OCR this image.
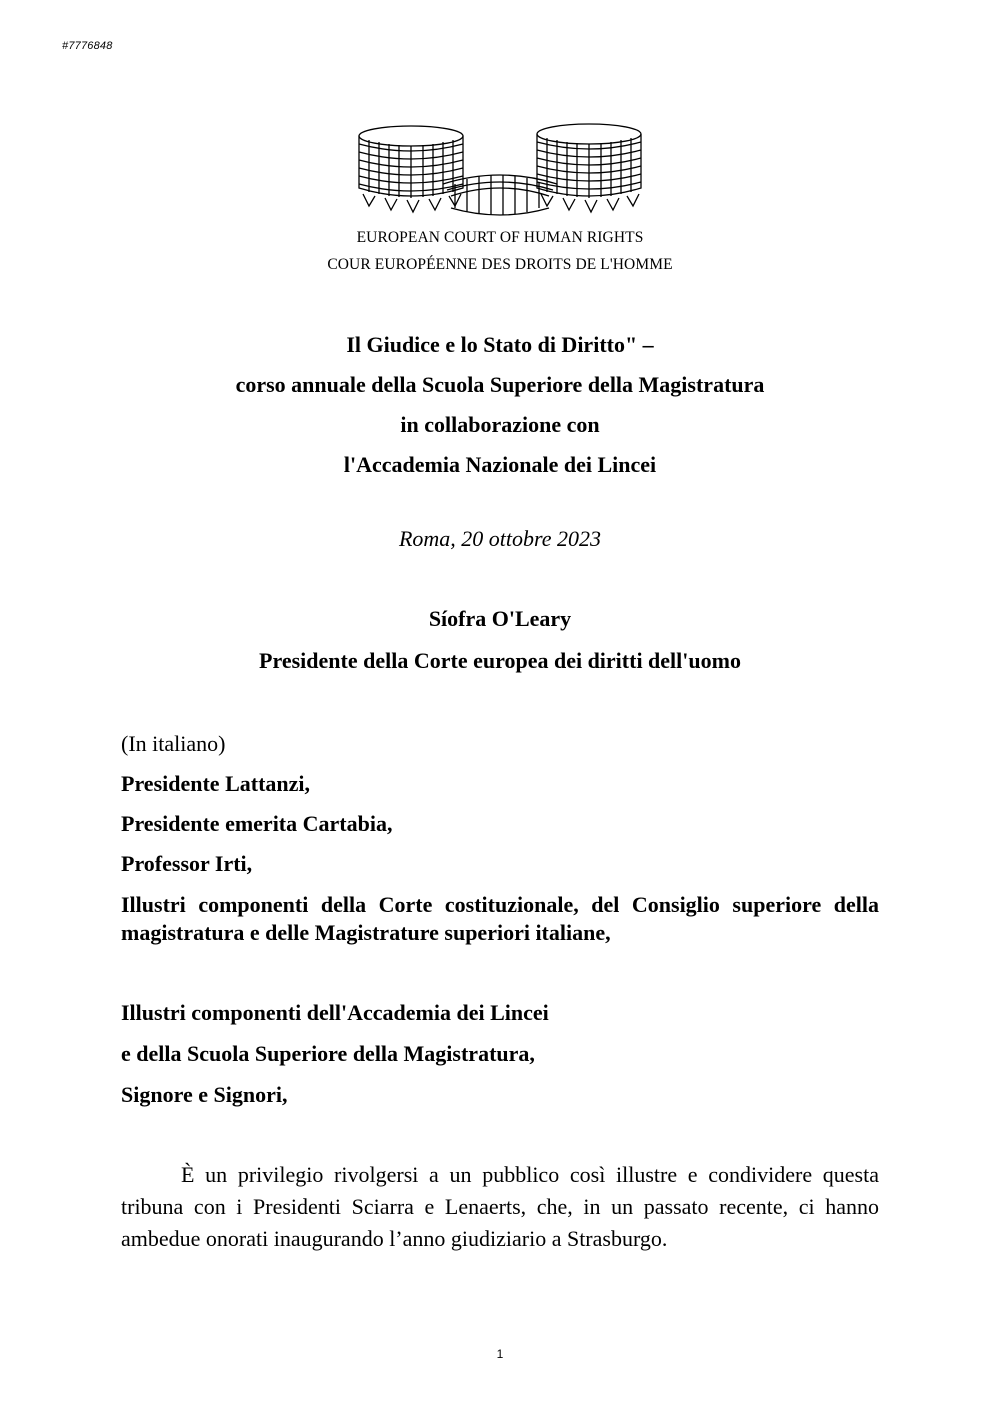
#7776848
EUROPEAN COURT OF HUMAN RIGHTS
COUR EUROPÉENNE DES DROITS DE L'HOMME
Il Giudice e lo Stato di Diritto" –
corso annuale della Scuola Superiore della Magistratura
in collaborazione con
l'Accademia Nazionale dei Lincei
Roma, 20 ottobre 2023
Síofra O'Leary
Presidente della Corte europea dei diritti dell'uomo
(In italiano)
Presidente Lattanzi,
Presidente emerita Cartabia,
Professor Irti,
Illustri componenti della Corte costituzionale, del Consiglio superiore della magistratura e delle Magistrature superiori italiane,
Illustri componenti dell'Accademia dei Lincei
e della Scuola Superiore della Magistratura,
Signore e Signori,
È un privilegio rivolgersi a un pubblico così illustre e condividere questa tribuna con i Presidenti Sciarra e Lenaerts, che, in un passato recente, ci hanno ambedue onorati inaugurando l’anno giudiziario a Strasburgo.
1
